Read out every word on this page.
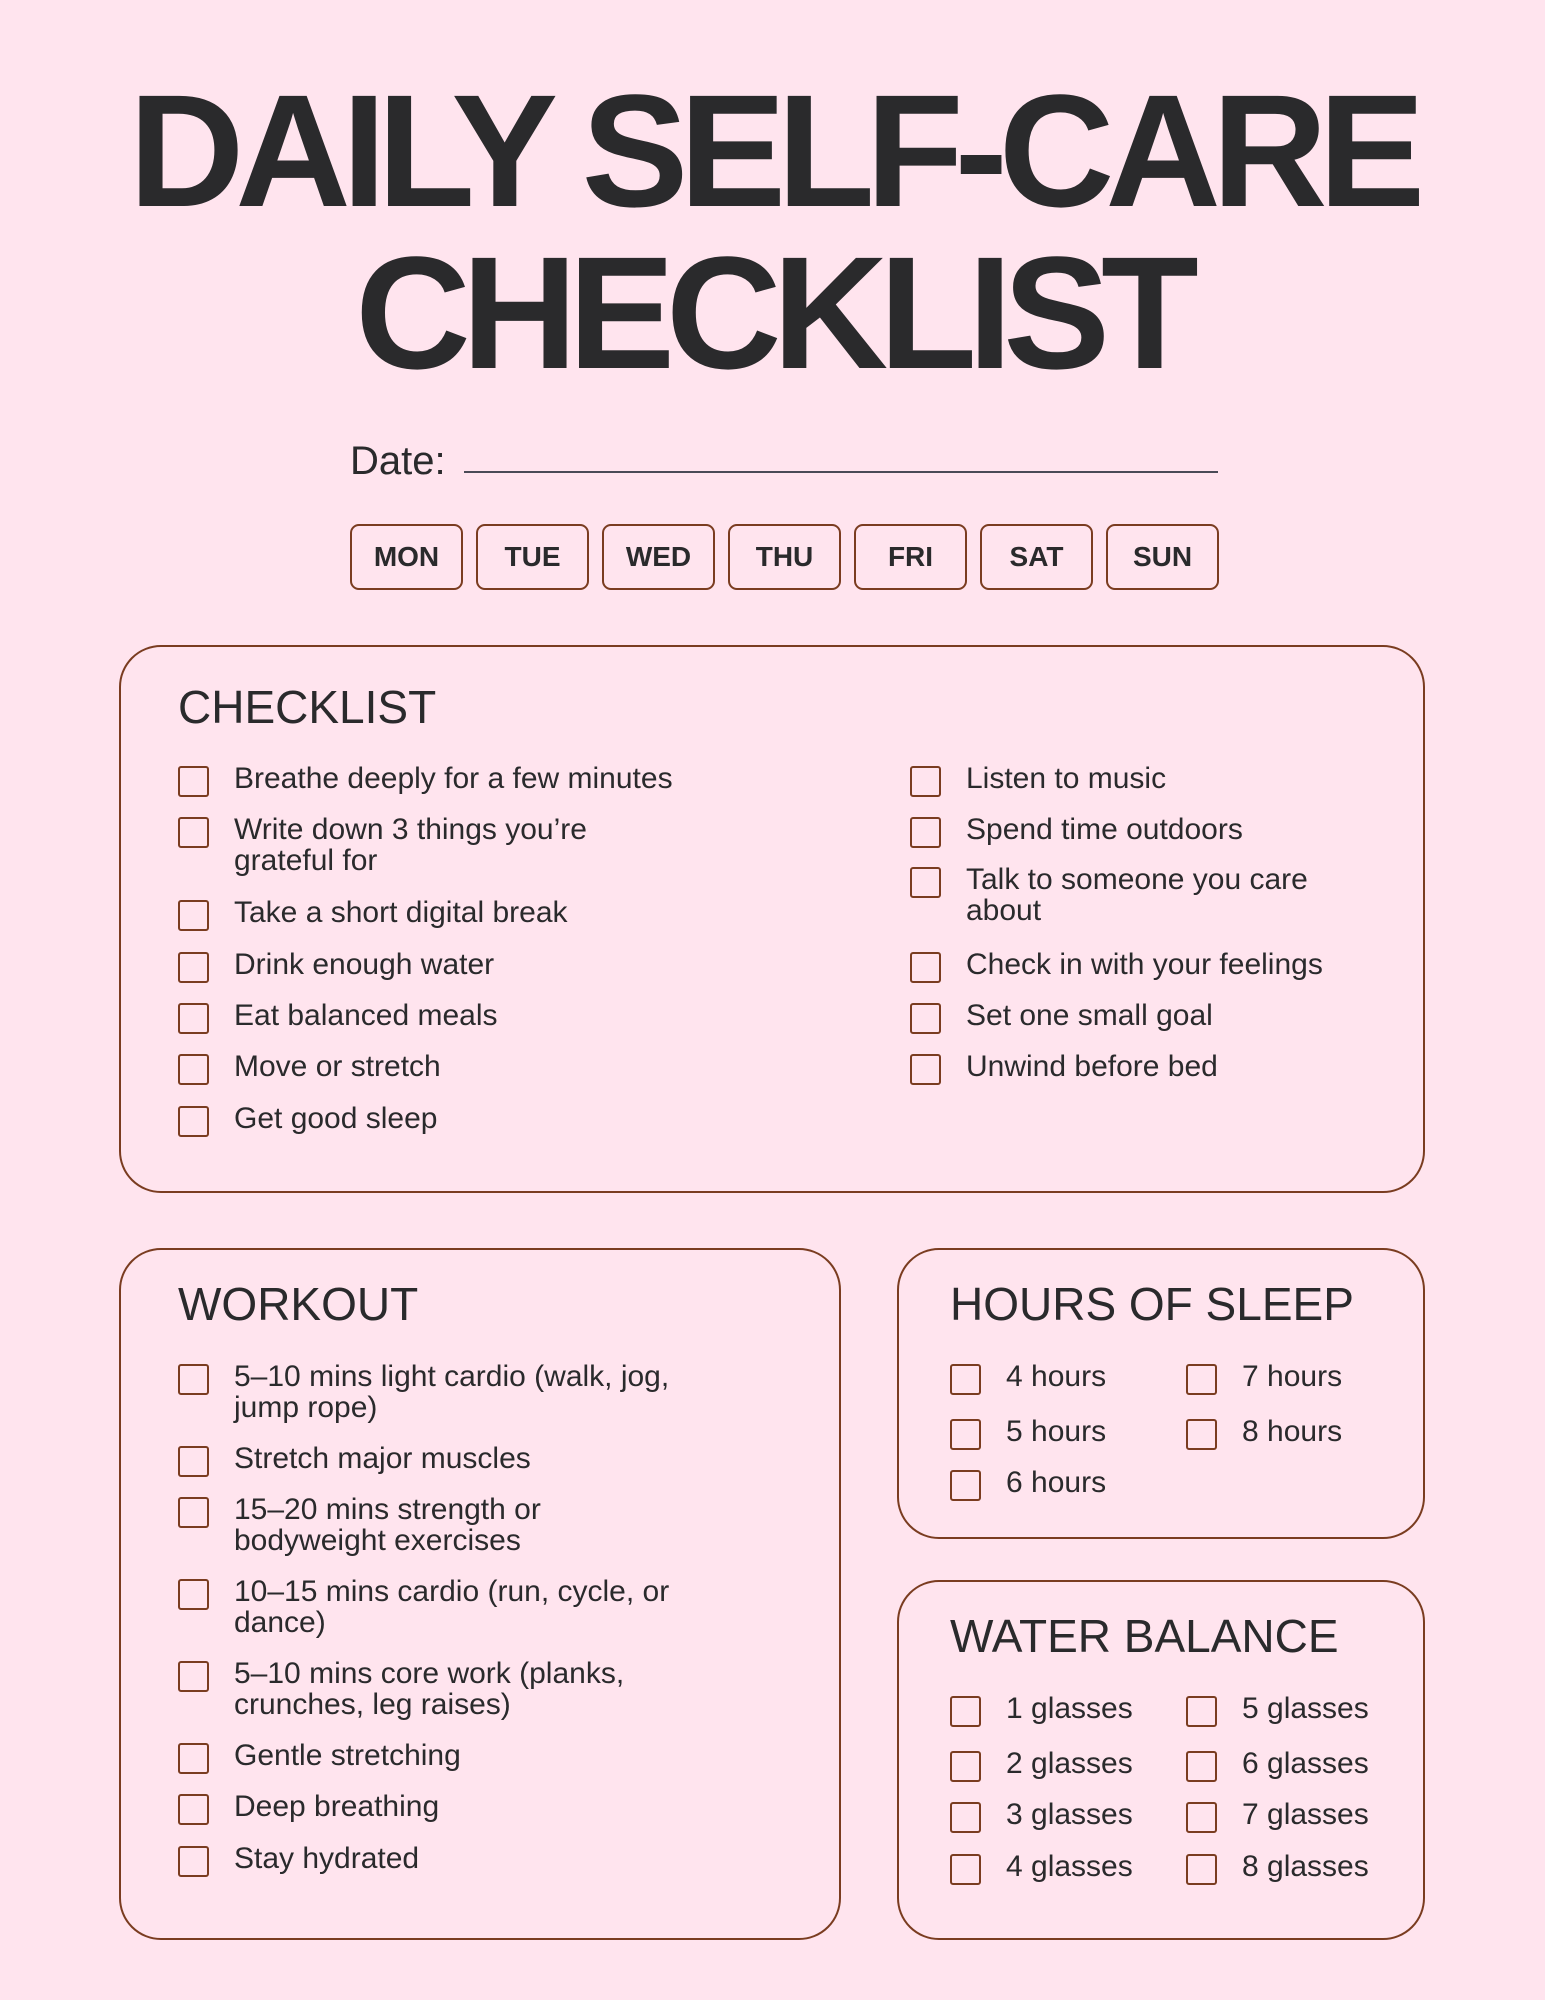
DAILY SELF-CARE
CHECKLIST
Date:
MON	TUE	WED	THU	FRI	SAT	SUN
CHECKLIST
Breathe deeply for a few minutes
Write down 3 things you’re
grateful for
Take a short digital break
Drink enough water
Eat balanced meals
Move or stretch
Get good sleep
Listen to music
Spend time outdoors
Talk to someone you care
about
Check in with your feelings
Set one small goal
Unwind before bed
WORKOUT
5–10 mins light cardio (walk, jog,
jump rope)
Stretch major muscles
15–20 mins strength or
bodyweight exercises
10–15 mins cardio (run, cycle, or
dance)
5–10 mins core work (planks,
crunches, leg raises)
Gentle stretching
Deep breathing
Stay hydrated
HOURS OF SLEEP
4 hours
5 hours
6 hours
7 hours
8 hours
WATER BALANCE
1 glasses
2 glasses
3 glasses
4 glasses
5 glasses
6 glasses
7 glasses
8 glasses
